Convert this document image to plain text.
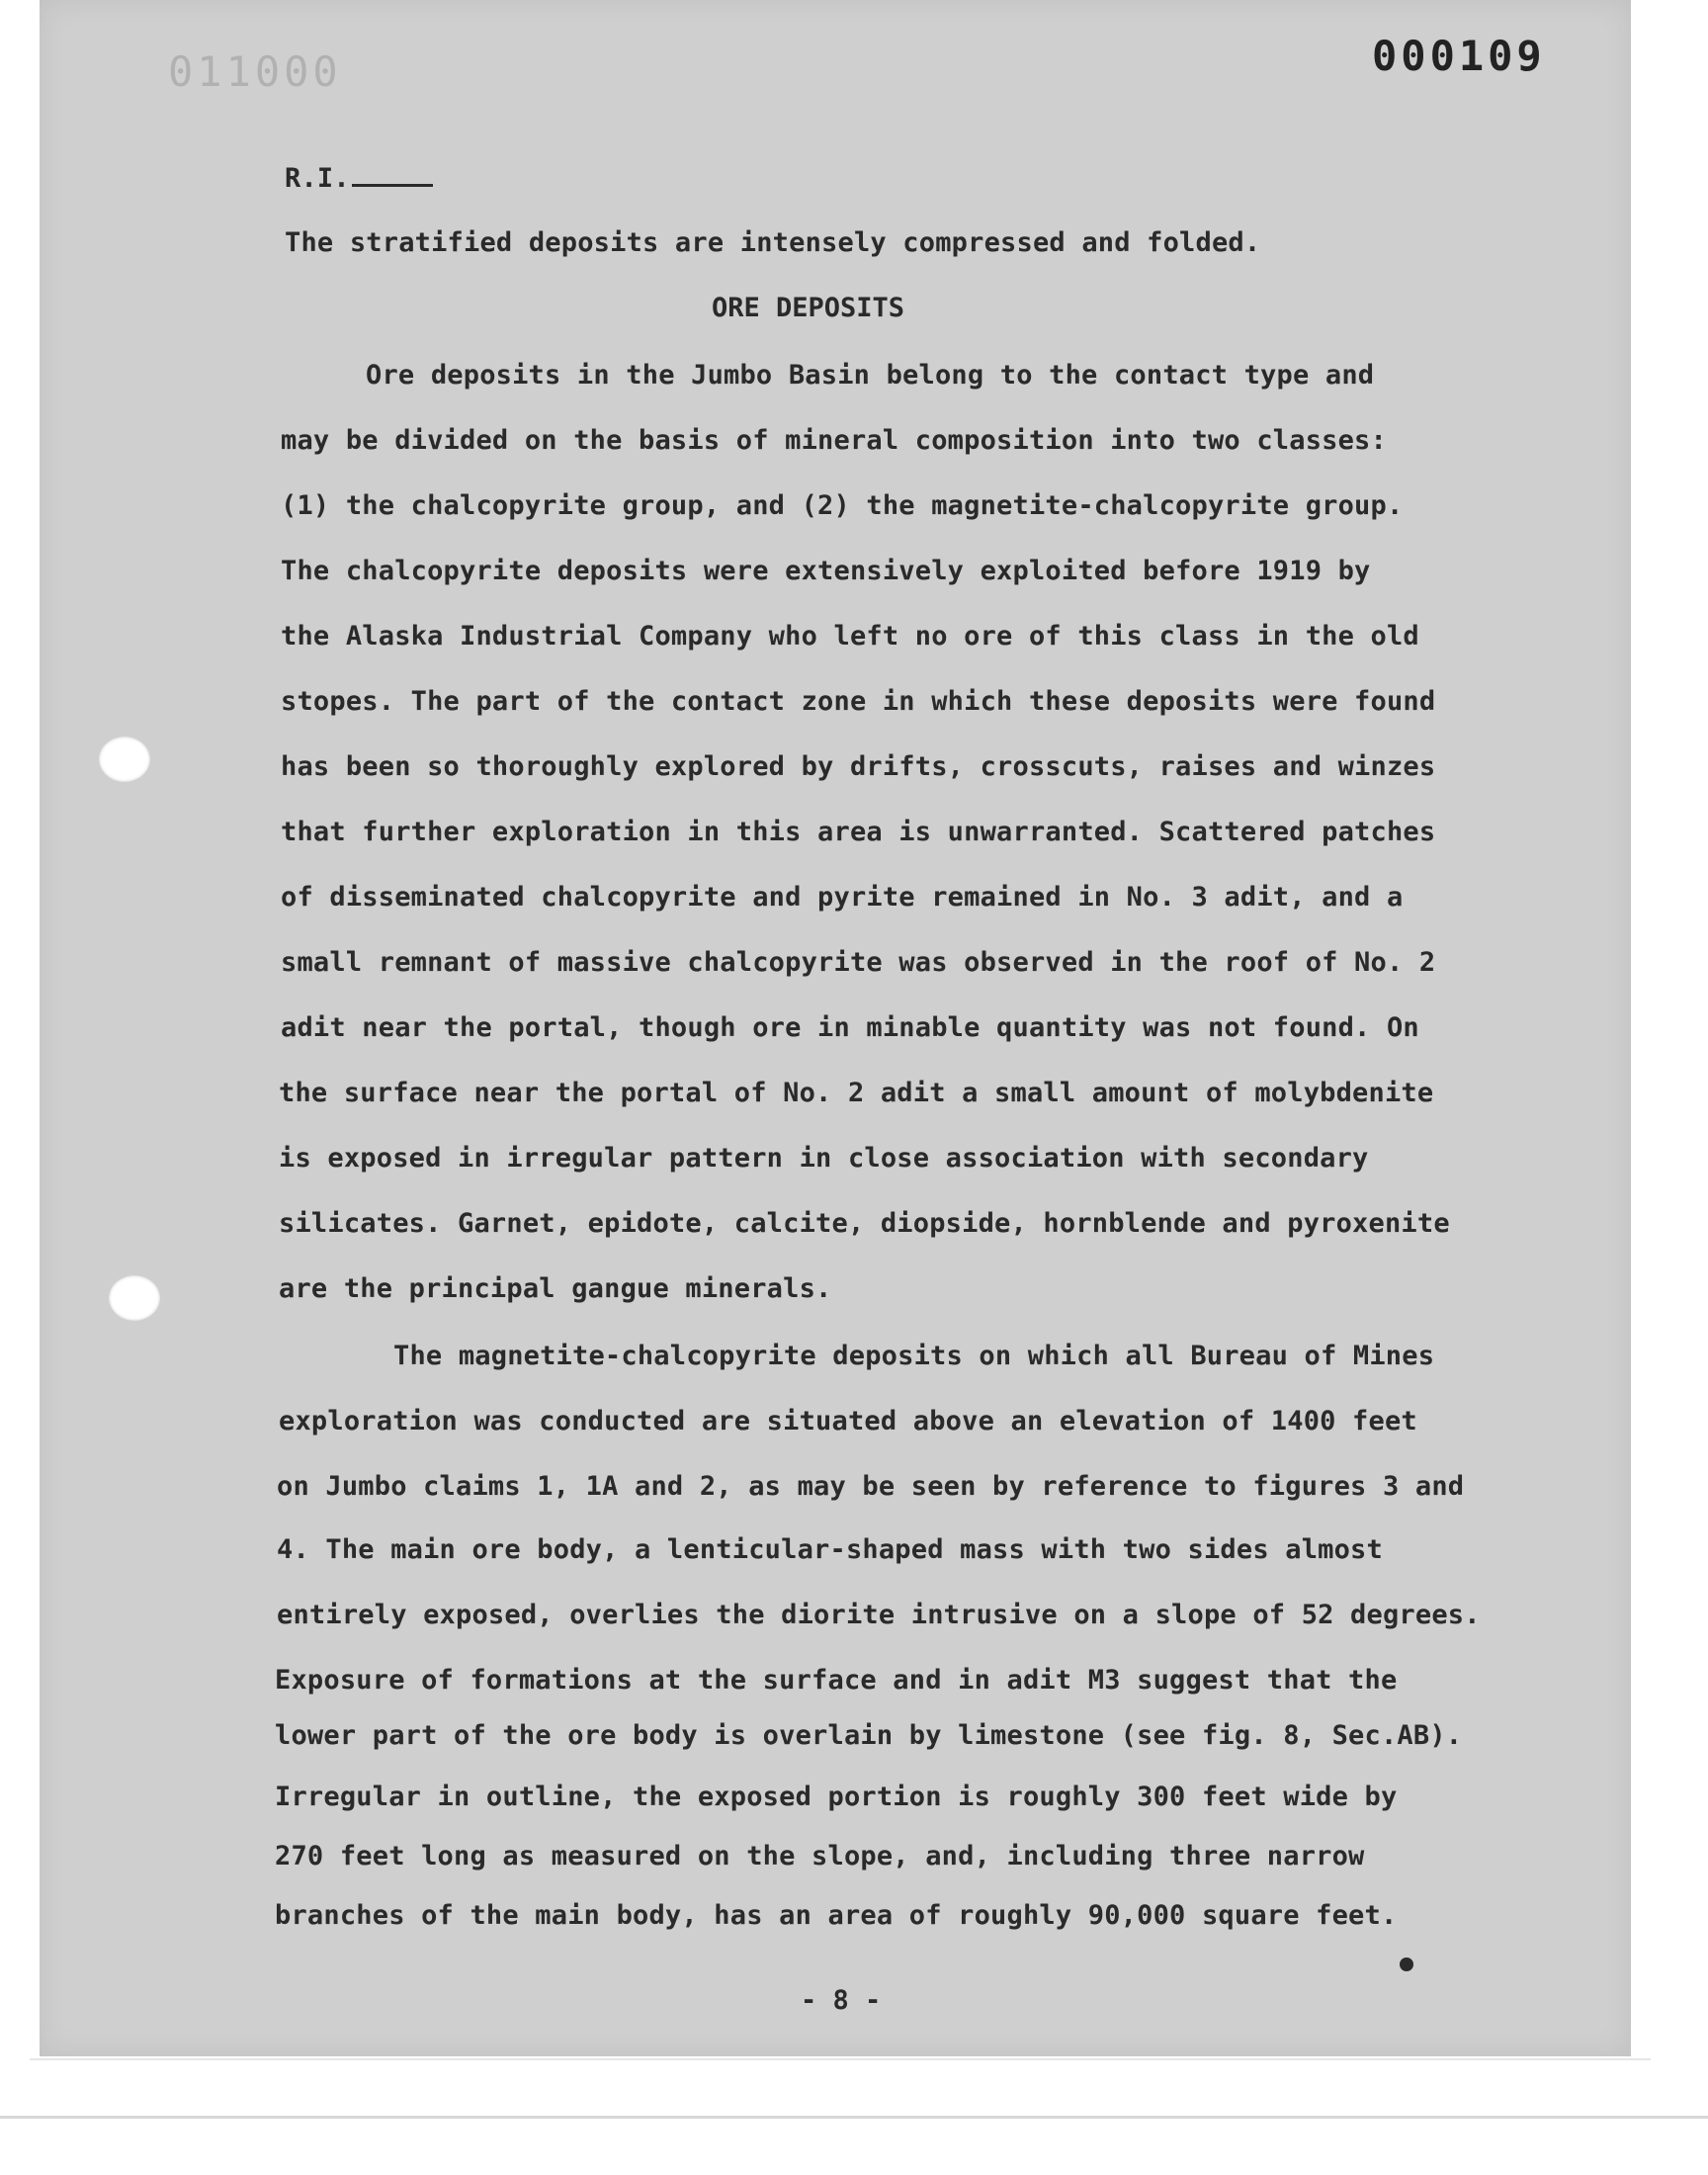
011000	000109
R.I.
The stratified deposits are intensely compressed and folded.
ORE DEPOSITS
Ore deposits in the Jumbo Basin belong to the contact type and
may be divided on the basis of mineral composition into two classes:
(1) the chalcopyrite group, and (2) the magnetite-chalcopyrite group.
The chalcopyrite deposits were extensively exploited before 1919 by
the Alaska Industrial Company who left no ore of this class in the old
stopes. The part of the contact zone in which these deposits were found
has been so thoroughly explored by drifts, crosscuts, raises and winzes
that further exploration in this area is unwarranted. Scattered patches
of disseminated chalcopyrite and pyrite remained in No. 3 adit, and a
small remnant of massive chalcopyrite was observed in the roof of No. 2
adit near the portal, though ore in minable quantity was not found. On
the surface near the portal of No. 2 adit a small amount of molybdenite
is exposed in irregular pattern in close association with secondary
silicates. Garnet, epidote, calcite, diopside, hornblende and pyroxenite
are the principal gangue minerals.
The magnetite-chalcopyrite deposits on which all Bureau of Mines
exploration was conducted are situated above an elevation of 1400 feet
on Jumbo claims 1, 1A and 2, as may be seen by reference to figures 3 and
4. The main ore body, a lenticular-shaped mass with two sides almost
entirely exposed, overlies the diorite intrusive on a slope of 52 degrees.
Exposure of formations at the surface and in adit M3 suggest that the
lower part of the ore body is overlain by limestone (see fig. 8, Sec.AB).
Irregular in outline, the exposed portion is roughly 300 feet wide by
270 feet long as measured on the slope, and, including three narrow
branches of the main body, has an area of roughly 90,000 square feet.
- 8 -
